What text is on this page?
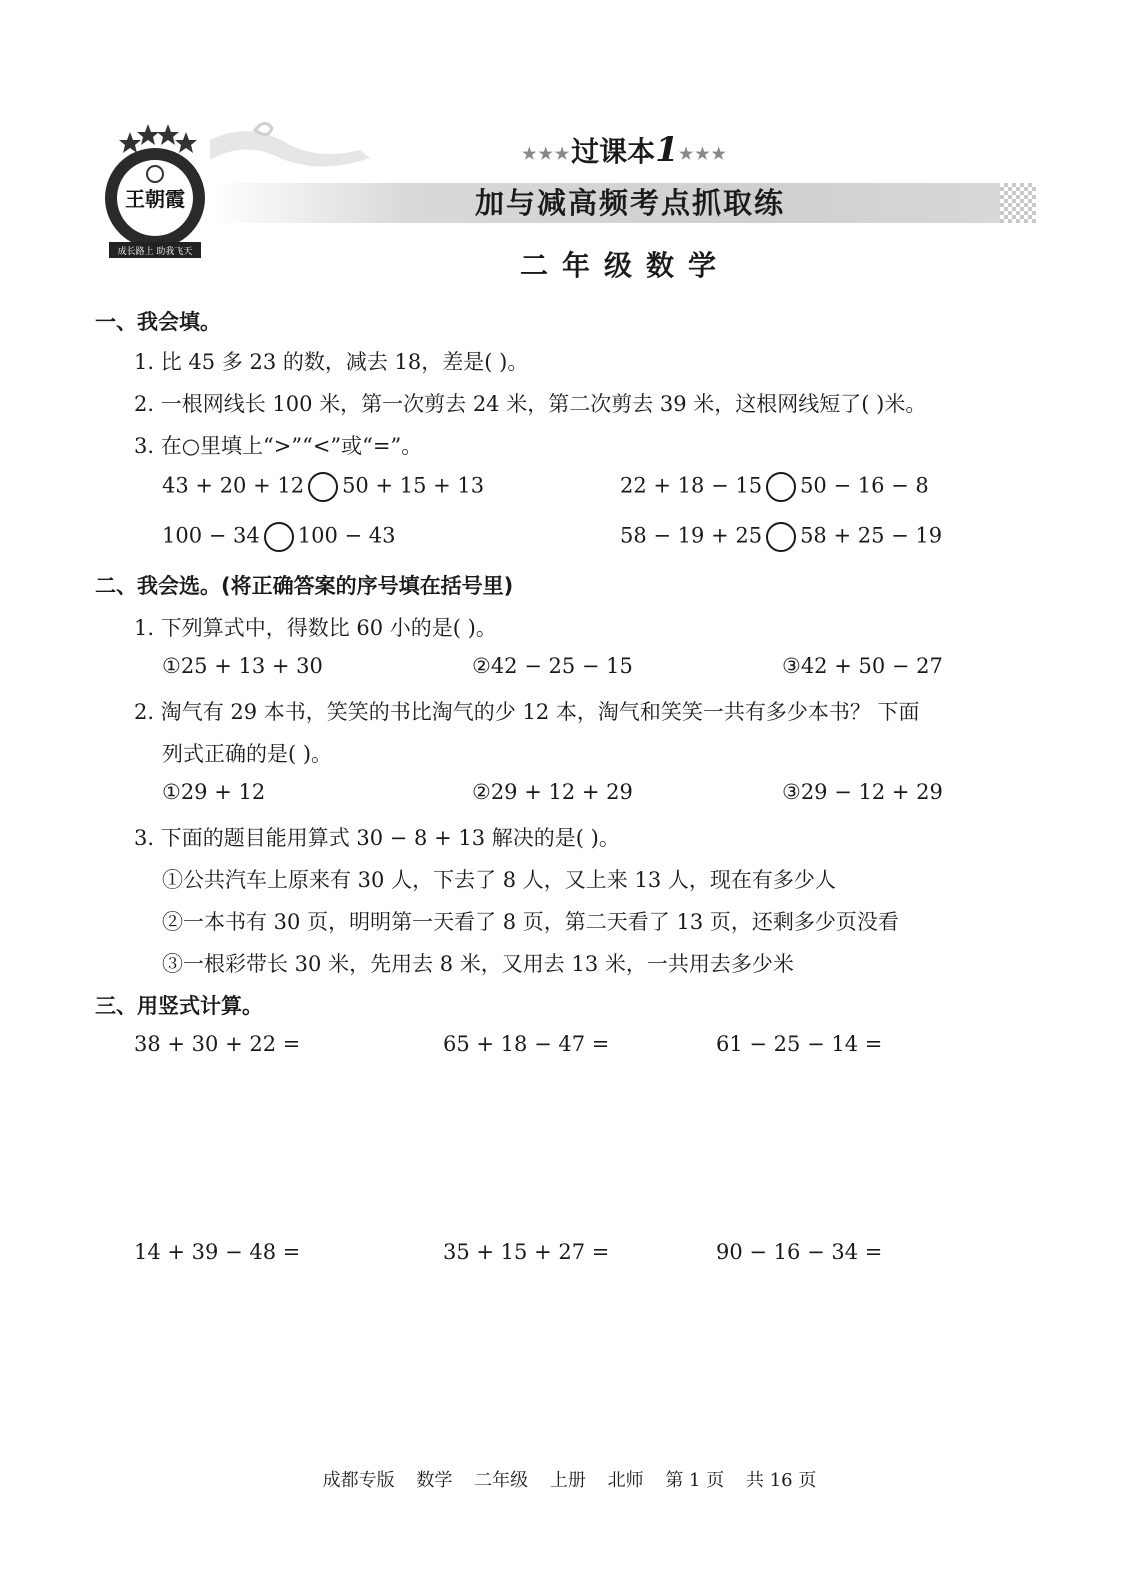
王朝霞
成长路上 助我飞天
★★★过课本1★★★
加与减高频考点抓取练
二年级数学
一、我会填。
1. 比 45 多 23 的数，减去 18，差是( )。
2. 一根网线长 100 米，第一次剪去 24 米，第二次剪去 39 米，这根网线短了( )米。
3. 在○里填上“>”“<”或“=”。
43 + 20 + 12 50 + 15 + 13	22 + 18 − 15 50 − 16 − 8
100 − 34 100 − 43	58 − 19 + 25 58 + 25 − 19
二、我会选。(将正确答案的序号填在括号里)
1. 下列算式中，得数比 60 小的是( )。
①25 + 13 + 30	②42 − 25 − 15	③42 + 50 − 27
2. 淘气有 29 本书，笑笑的书比淘气的少 12 本，淘气和笑笑一共有多少本书？ 下面
列式正确的是( )。
①29 + 12	②29 + 12 + 29	③29 − 12 + 29
3. 下面的题目能用算式 30 − 8 + 13 解决的是( )。
①公共汽车上原来有 30 人，下去了 8 人，又上来 13 人，现在有多少人
②一本书有 30 页，明明第一天看了 8 页，第二天看了 13 页，还剩多少页没看
③一根彩带长 30 米，先用去 8 米，又用去 13 米，一共用去多少米
三、用竖式计算。
38 + 30 + 22 =	65 + 18 − 47 =	61 − 25 − 14 =
14 + 39 − 48 =	35 + 15 + 27 =	90 − 16 − 34 =
成都专版 数学 二年级 上册 北师 第 1 页 共 16 页
